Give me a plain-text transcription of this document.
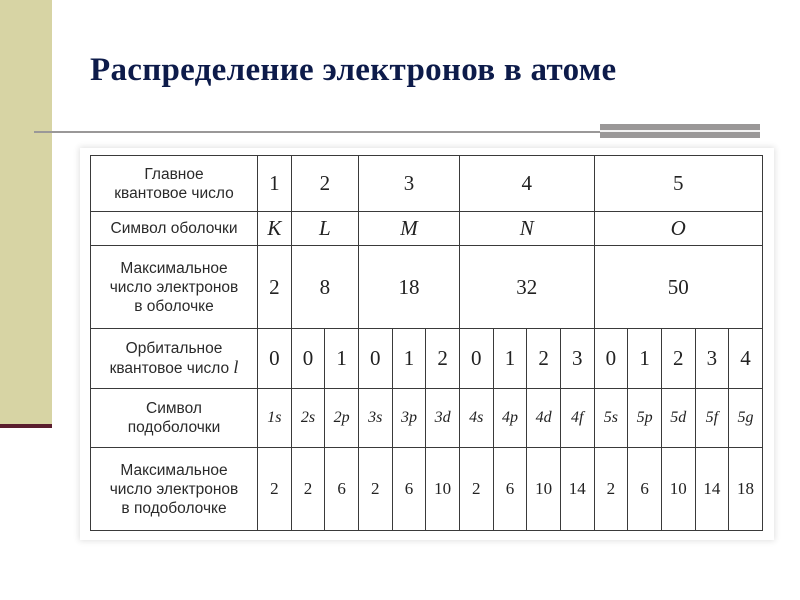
Распределение электронов в атоме
Главное
квантовое число	1	2		3			4				5				
Символ оболочки	K	L		M			N				O				
Максимальное
число электронов
в оболочке	2	8		18			32				50				
Орбитальное
квантовое число l	0	0	1	0	1	2	0	1	2	3	0	1	2	3	4
Символ
подоболочки	1s	2s	2p	3s	3p	3d	4s	4p	4d	4f	5s	5p	5d	5f	5g
Максимальное
число электронов
в подоболочке	2	2	6	2	6	10	2	6	10	14	2	6	10	14	18
